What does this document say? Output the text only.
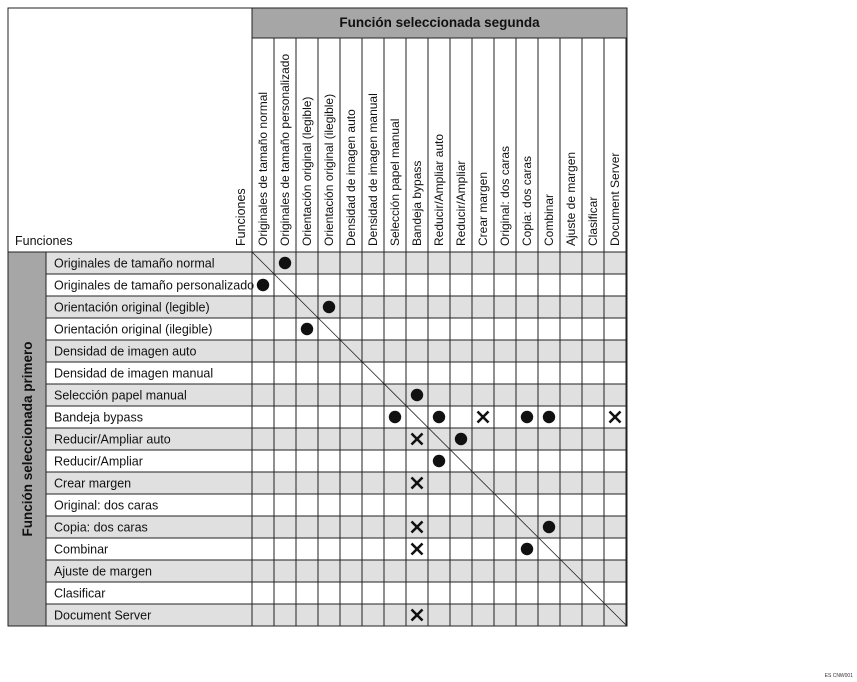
Función seleccionada segunda
Función seleccionada primero
Funciones	Funciones Originales de tamaño normal Originales de tamaño personalizado Orientación original (legible) Orientación original (ilegible) Densidad de imagen auto Densidad de imagen manual Selección papel manual Bandeja bypass Reducir/Ampliar auto Reducir/Ampliar Crear margen Original: dos caras Copia: dos caras Combinar Ajuste de margen Clasificar Document Server
Originales de tamaño normal
Originales de tamaño personalizado
Orientación original (legible)
Orientación original (ilegible)
Densidad de imagen auto
Densidad de imagen manual
Selección papel manual
Bandeja bypass
Reducir/Ampliar auto
Reducir/Ampliar
Crear margen
Original: dos caras
Copia: dos caras
Combinar
Ajuste de margen
Clasificar
Document Server
ES CNW001
